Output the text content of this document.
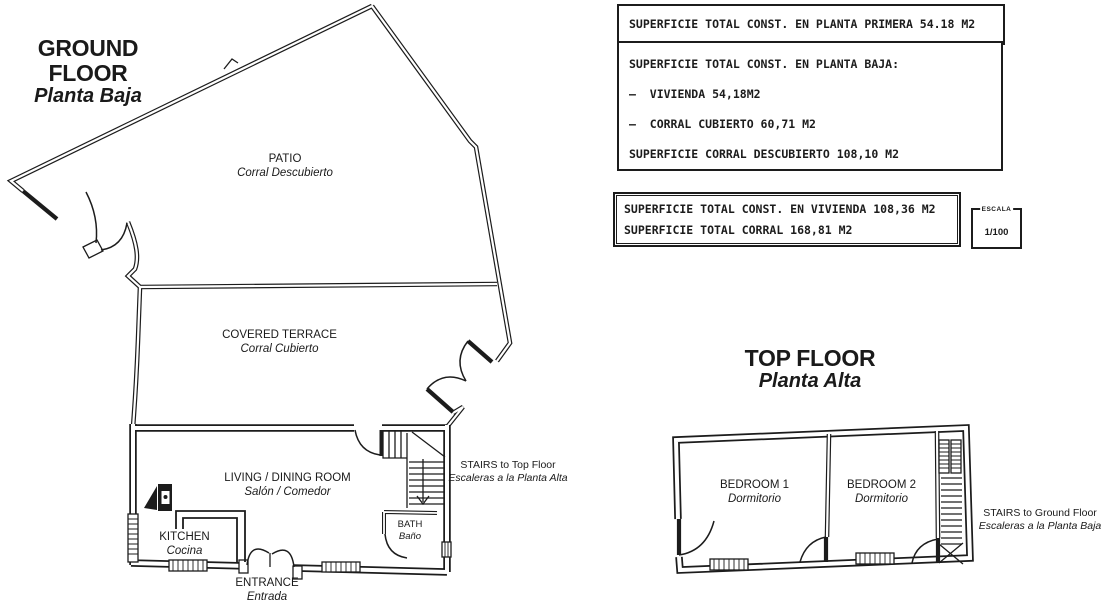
GROUND FLOOR
Planta Baja
PATIO
Corral Descubierto
COVERED TERRACE
Corral Cubierto
LIVING / DINING ROOM
Salón / Comedor
KITCHEN
Cocina
BATH
Baño
ENTRANCE
Entrada
STAIRS to Top Floor
Escaleras a la Planta Alta
TOP FLOOR
Planta Alta
BEDROOM 1
Dormitorio
BEDROOM 2
Dormitorio
STAIRS to Ground Floor
Escaleras a la Planta Baja
SUPERFICIE TOTAL CONST. EN PLANTA PRIMERA 54.18 M2
SUPERFICIE TOTAL CONST. EN PLANTA BAJA:
–  VIVIENDA 54,18M2
–  CORRAL CUBIERTO 60,71 M2
SUPERFICIE CORRAL DESCUBIERTO 108,10 M2
SUPERFICIE TOTAL CONST. EN VIVIENDA 108,36 M2
SUPERFICIE TOTAL CORRAL 168,81 M2
ESCALA
1/100
